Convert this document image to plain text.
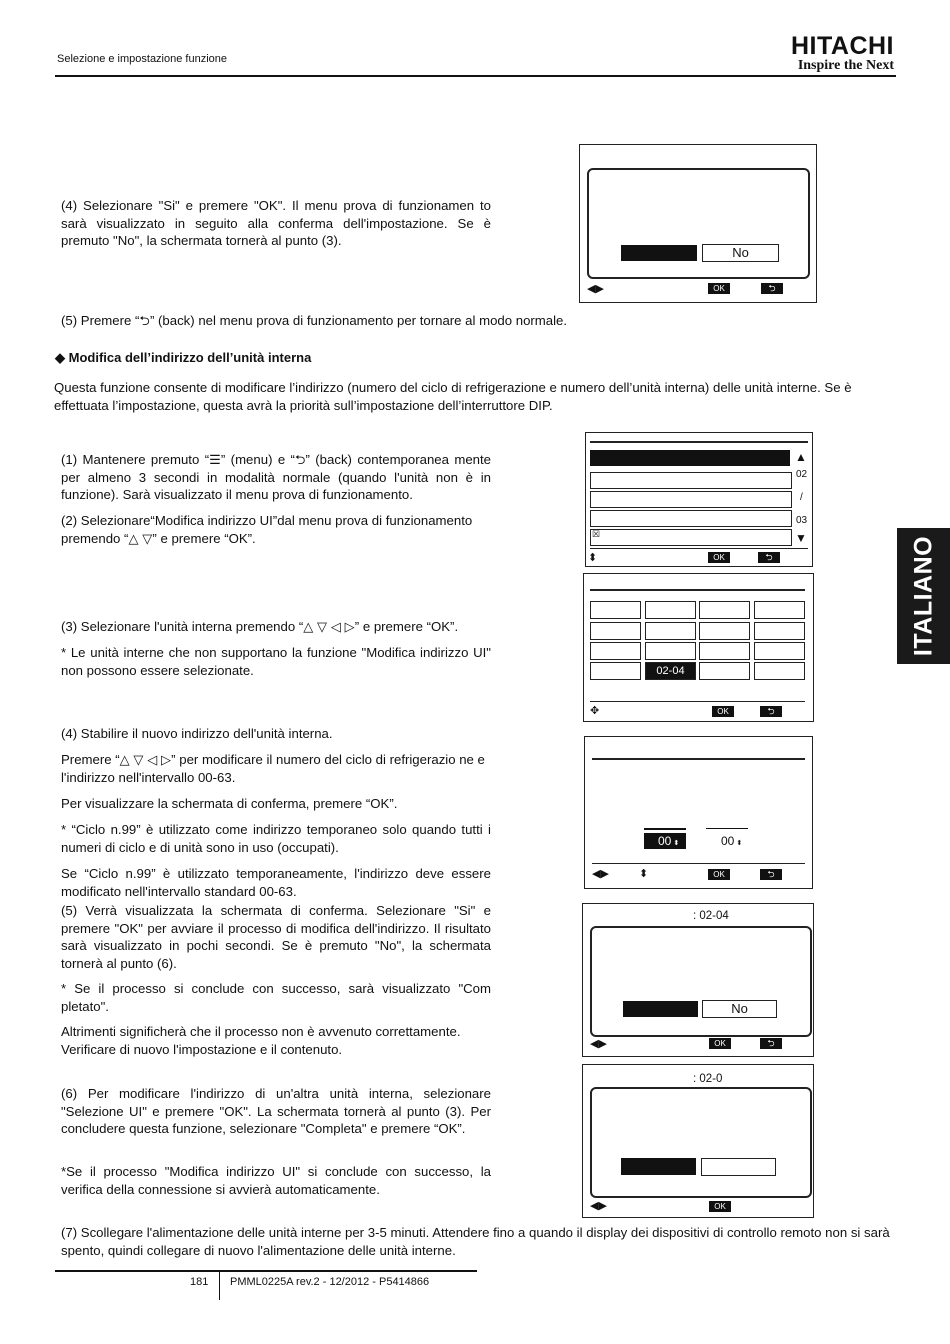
Selezione e impostazione funzione	HITACHI
Inspire the Next
ITALIANO
(4) Selezionare "Si" e premere "OK". Il menu prova di funzionamen to sarà visualizzato in seguito alla conferma dell'impostazione. Se è premuto "No", la schermata tornerà al punto (3).
No
◀▶	OK	⮌
(5) Premere “⮌” (back) nel menu prova di funzionamento per tornare al modo normale.
◆ Modifica dell’indirizzo dell’unità interna
Questa funzione consente di modificare l’indirizzo (numero del ciclo di refrigerazione e numero dell’unità interna) delle unità interne. Se è effettuata l’impostazione, questa avrà la priorità sull’impostazione dell’interruttore DIP.
(1) Mantenere premuto “☰” (menu) e “⮌” (back) contemporanea mente per almeno 3 secondi in modalità normale (quando l'unità non è in funzione). Sarà visualizzato il menu prova di funzionamento.
(2) Selezionare“Modifica indirizzo UI”dal menu prova di funzionamento premendo “△ ▽” e premere “OK”.	☒
▲
02
/
03
▼
⬍	OK	⮌
(3) Selezionare l'unità interna premendo “△ ▽ ◁ ▷” e premere “OK”.
* Le unità interne che non supportano la funzione "Modifica indirizzo UI" non possono essere selezionate.	02-04
✥	OK	⮌
(4) Stabilire il nuovo indirizzo dell'unità interna.
Premere “△ ▽ ◁ ▷” per modificare il numero del ciclo di refrigerazio ne e l'indirizzo nell'intervallo 00-63.
Per visualizzare la schermata di conferma, premere “OK”.
* “Ciclo n.99” è utilizzato come indirizzo temporaneo solo quando tutti i numeri di ciclo e di unità sono in uso (occupati).
Se “Ciclo n.99” è utilizzato temporaneamente, l'indirizzo deve essere modificato nell'intervallo standard 00-63.
00 ⬍	00 ⬍
◀▶	⬍	OK	⮌
(5) Verrà visualizzata la schermata di conferma. Selezionare "Si" e premere "OK" per avviare il processo di modifica dell'indirizzo. Il risultato sarà visualizzato in pochi secondi. Se è premuto "No", la schermata tornerà al punto (6).
* Se il processo si conclude con successo, sarà visualizzato "Com pletato".
Altrimenti significherà che il processo non è avvenuto correttamente. Verificare di nuovo l'impostazione e il contenuto.
: 02-04
No
◀▶	OK	⮌
(6) Per modificare l'indirizzo di un'altra unità interna, selezionare "Selezione UI" e premere "OK". La schermata tornerà al punto (3). Per concludere questa funzione, selezionare "Completa" e premere “OK”.
*Se il processo "Modifica indirizzo UI" si conclude con successo, la verifica della connessione si avvierà automaticamente.
: 02-0
◀▶	OK
(7) Scollegare l'alimentazione delle unità interne per 3-5 minuti. Attendere fino a quando il display dei dispositivi di controllo remoto non si sarà spento, quindi collegare di nuovo l'alimentazione delle unità interne.
181 PMML0225A rev.2 - 12/2012 - P5414866
